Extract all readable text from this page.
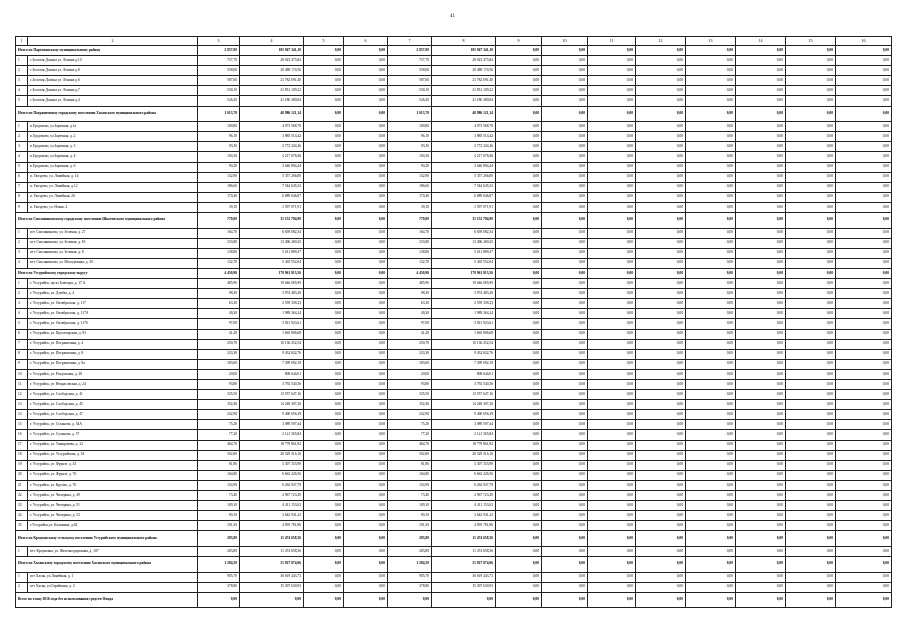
41
1	2	3	4	5	6	7	8	9	10	11	12	13	14	15	16
Итого по Партизанскому муниципальному району		2 857,00	105 947 341,10	0,00	0,00	2 857,00	105 947 341,10	0,00	0,00	0,00	0,00	0,00	0,00	0,00	0,00
1	с.Золотая Долина ул. Ленина д.10	757,70	28 023 475,84	0,00	0,00	757,70	28 023 475,84	0,00	0,00	0,00	0,00	0,00	0,00	0,00	0,00
2	с.Золотая Долина ул. Ленина д.8	558,00	20 488 174,56	0,00	0,00	558,00	20 488 174,56	0,00	0,00	0,00	0,00	0,00	0,00	0,00	0,00
3	с.Золотая Долина ул. Ленина д.6	587,00	21 782 091,40	0,00	0,00	587,00	21 782 091,40	0,00	0,00	0,00	0,00	0,00	0,00	0,00	0,00
4	с.Золотая Долина ул. Ленина д.7	530,10	21 851 109,22	0,00	0,00	530,10	21 851 109,22	0,00	0,00	0,00	0,00	0,00	0,00	0,00	0,00
5	с.Золотая Долина ул. Ленина д.4	526,20	21 180 280,84	0,00	0,00	526,20	21 180 280,84	0,00	0,00	0,00	0,00	0,00	0,00	0,00	0,00
Итого по Пограничному городскому поселению Хасанского муниципального района		1 013,70	40 986 121,14	0,00	0,00	1 013,70	40 986 121,14	0,00	0,00	0,00	0,00	0,00	0,00	0,00	0,00
1	п.Гродеково, ул.Заречная, д.1а	100,80	4 073 568,78	0,00	0,00	100,80	4 073 568,78	0,00	0,00	0,00	0,00	0,00	0,00	0,00	0,00
2	п.Гродеково, ул.Заречная, д. 2	96,10	3 885 514,42	0,00	0,00	96,10	3 885 514,42	0,00	0,00	0,00	0,00	0,00	0,00	0,00	0,00
3	п.Гродеково, ул.Заречная, д. 3	93,30	3 772 324,26	0,00	0,00	93,30	3 772 324,26	0,00	0,00	0,00	0,00	0,00	0,00	0,00	0,00
4	п.Гродеково, ул.Заречная, д. 4	104,30	4 217 078,46	0,00	0,00	104,30	4 217 078,46	0,00	0,00	0,00	0,00	0,00	0,00	0,00	0,00
5	п.Гродеково, ул.Заречная, д. 6	90,20	3 646 894,44	0,00	0,00	90,20	3 646 894,44	0,00	0,00	0,00	0,00	0,00	0,00	0,00	0,00
6	п. Гвоздево, ул. Линейная, д. 14	132,90	5 357 266,80	0,00	0,00	132,90	5 357 266,80	0,00	0,00	0,00	0,00	0,00	0,00	0,00	0,00
7	п. Гвоздево, ул. Линейная, д.12	186,60	7 544 645,52	0,00	0,00	186,60	7 544 645,52	0,00	0,00	0,00	0,00	0,00	0,00	0,00	0,00
8	п. Гвоздево, ул. Линейная, 20	170,40	6 889 646,87	0,00	0,00	170,40	6 889 646,87	0,00	0,00	0,00	0,00	0,00	0,00	0,00	0,00
9	п. Гвоздево, ул. Новая, 2	39,10	1 597 071,91	0,00	0,00	39,10	1 597 071,91	0,00	0,00	0,00	0,00	0,00	0,00	0,00	0,00
Итого по Смоляниновскому городскому поселению Шкотовского муниципального района		770,00	31 152 794,00	0,00	0,00	770,00	31 152 794,00	0,00	0,00	0,00	0,00	0,00	0,00	0,00	0,00
1	пгт. Смоляниново, ул. Зеленая, д. 27	164,70	6 659 082,34	0,00	0,00	164,70	6 659 082,34	0,00	0,00	0,00	0,00	0,00	0,00	0,00	0,00
2	пгт. Смоляниново, ул. Зеленая, д. 65	333,80	13 496 269,25	0,00	0,00	333,80	13 496 269,25	0,00	0,00	0,00	0,00	0,00	0,00	0,00	0,00
3	пгт. Смоляниново, ул. Зеленая, д. 8	138,80	5 611 889,37	0,00	0,00	138,80	5 611 889,37	0,00	0,00	0,00	0,00	0,00	0,00	0,00	0,00
4	пгт. Смоляниново, ул. Молодежная, д. 29	132,70	5 365 552,04	0,00	0,00	132,70	5 365 552,04	0,00	0,00	0,00	0,00	0,00	0,00	0,00	0,00
Итого по Уссурийскому городскому округу		4 450,90	179 961 913,56	0,00	0,00	4 450,90	179 961 913,56	0,00	0,00	0,00	0,00	0,00	0,00	0,00	0,00
1	г. Уссурийск, пр-кт Блюхера, д. 17 А	485,90	19 646 065,99	0,00	0,00	485,90	19 646 065,99	0,00	0,00	0,00	0,00	0,00	0,00	0,00	0,00
2	г. Уссурийск, ул. Дзюбы, д. 4	98,30	3 974 483,28	0,00	0,00	98,30	3 974 483,28	0,00	0,00	0,00	0,00	0,00	0,00	0,00	0,00
3	г. Уссурийск, ул. Октябрьская, д. 117	63,30	2 559 358,23	0,00	0,00	63,30	2 559 358,23	0,00	0,00	0,00	0,00	0,00	0,00	0,00	0,00
4	г. Уссурийск, ул. Октябрьская, д. 117А	49,20	1 989 264,24	0,00	0,00	49,20	1 989 264,24	0,00	0,00	0,00	0,00	0,00	0,00	0,00	0,00
5	г. Уссурийск, ул. Октябрьская, д. 117б	97,00	3 921 923,61	0,00	0,00	97,00	3 921 923,61	0,00	0,00	0,00	0,00	0,00	0,00	0,00	0,00
6	г. Уссурийск, ул. Пролетарская, д. 93	41,20	1 665 806,68	0,00	0,00	41,20	1 665 806,68	0,00	0,00	0,00	0,00	0,00	0,00	0,00	0,00
7	г. Уссурийск, ул. Пограничная, д. 4	250,70	10 136 252,54	0,00	0,00	250,70	10 136 252,54	0,00	0,00	0,00	0,00	0,00	0,00	0,00	0,00
8	г. Уссурийск, ул. Пограничная, д. 8	233,30	9 432 822,76	0,00	0,00	233,30	9 432 822,76	0,00	0,00	0,00	0,00	0,00	0,00	0,00	0,00
9	г. Уссурийск, ул. Пограничная, д. 8а	183,00	7 399 092,18	0,00	0,00	183,00	7 399 092,18	0,00	0,00	0,00	0,00	0,00	0,00	0,00	0,00
10	г. Уссурийск, ул. Раздольная, д. 28	20,00	808 644,01	0,00	0,00	20,00	808 644,01	0,00	0,00	0,00	0,00	0,00	0,00	0,00	0,00
11	г. Уссурийск, ул. Некрасовская, д. 24	93,80	3 792 540,36	0,00	0,00	93,80	3 792 540,36	0,00	0,00	0,00	0,00	0,00	0,00	0,00	0,00
12	г. Уссурийск, ул. Слободская, д. 41	335,50	13 557 647,16	0,00	0,00	335,50	13 557 647,16	0,00	0,00	0,00	0,00	0,00	0,00	0,00	0,00
13	г. Уссурийск, ул. Слободская, д. 45	352,40	14 248 307,26	0,00	0,00	352,40	14 248 307,26	0,00	0,00	0,00	0,00	0,00	0,00	0,00	0,00
14	г. Уссурийск, ул. Слободская, д. 47	232,90	9 400 656,39	0,00	0,00	232,90	9 400 656,39	0,00	0,00	0,00	0,00	0,00	0,00	0,00	0,00
15	г. Уссурийск, ул. Суханова, д. 54А	75,20	3 089 507,44	0,00	0,00	75,20	3 089 507,44	0,00	0,00	0,00	0,00	0,00	0,00	0,00	0,00
16	г. Уссурийск, ул. Суханова, д. 57	77,20	3 121 365,84	0,00	0,00	77,20	3 121 365,84	0,00	0,00	0,00	0,00	0,00	0,00	0,00	0,00
17	г. Уссурийск, ул. Тимирязева, д. 32	464,70	18 779 861,82	0,00	0,00	464,70	18 779 861,82	0,00	0,00	0,00	0,00	0,00	0,00	0,00	0,00
18	г. Уссурийск, ул. Уссурийская, д. 54	502,80	20 329 316,16	0,00	0,00	502,80	20 329 316,16	0,00	0,00	0,00	0,00	0,00	0,00	0,00	0,00
19	г. Уссурийск, ул. Фрунзе, д. 45	81,80	3 307 353,98	0,00	0,00	81,80	3 307 353,98	0,00	0,00	0,00	0,00	0,00	0,00	0,00	0,00
20	г. Уссурийск, ул. Фрунзе, д. 76	164,80	6 663 226,56	0,00	0,00	164,80	6 663 226,56	0,00	0,00	0,00	0,00	0,00	0,00	0,00	0,00
21	г. Уссурийск, ул. Крупье, д. 76	154,90	6 262 947,78	0,00	0,00	154,90	6 262 947,78	0,00	0,00	0,00	0,00	0,00	0,00	0,00	0,00
22	г. Уссурийск, ул. Чичерина, д. 49	73,40	2 967 723,49	0,00	0,00	73,40	2 967 723,49	0,00	0,00	0,00	0,00	0,00	0,00	0,00	0,00
23	г. Уссурийск, ул. Чичерина, д. 51	109,10	4 411 153,02	0,00	0,00	109,10	4 411 153,02	0,00	0,00	0,00	0,00	0,00	0,00	0,00	0,00
24	г. Уссурийск, ул. Чичерина, д. 53	90,10	3 642 941,22	0,00	0,00	90,10	3 642 941,22	0,00	0,00	0,00	0,00	0,00	0,00	0,00	0,00
25	г.Уссурийск,ул. Калинина, д.62	101,30	4 095 781,86	0,00	0,00	101,30	4 095 781,86	0,00	0,00	0,00	0,00	0,00	0,00	0,00	0,00
Итого по Кроуновскому сельскому поселению Уссурийского муниципального района		283,80	11 474 658,36	0,00	0,00	283,80	11 474 658,36	0,00	0,00	0,00	0,00	0,00	0,00	0,00	0,00
1	пгт. Кроуновка, ул. Железнодорожная, д. 107	283,80	11 474 658,36	0,00	0,00	283,80	11 474 658,36	0,00	0,00	0,00	0,00	0,00	0,00	0,00	0,00
Итого по Хасанскому городскому поселению Хасанского муниципального района		1 284,50	51 927 074,66	0,00	0,00	1 284,50	51 927 074,66	0,00	0,00	0,00	0,00	0,00	0,00	0,00	0,00
1	пгт Хасан, ул.Линейная, д. 1	905,70	36 619 443,73	0,00	0,00	905,70	36 619 443,73	0,00	0,00	0,00	0,00	0,00	0,00	0,00	0,00
2	пгт Хасан, ул.Гарайкина, д. 2	378,80	15 307 630,93	0,00	0,00	378,80	15 307 630,93	0,00	0,00	0,00	0,00	0,00	0,00	0,00	0,00
Всего по этапу 2016 года без использования средств Фонда		0,00	0,00	0,00	0,00	0,00	0,00	0,00	0,00	0,00	0,00	0,00	0,00	0,00	0,00
